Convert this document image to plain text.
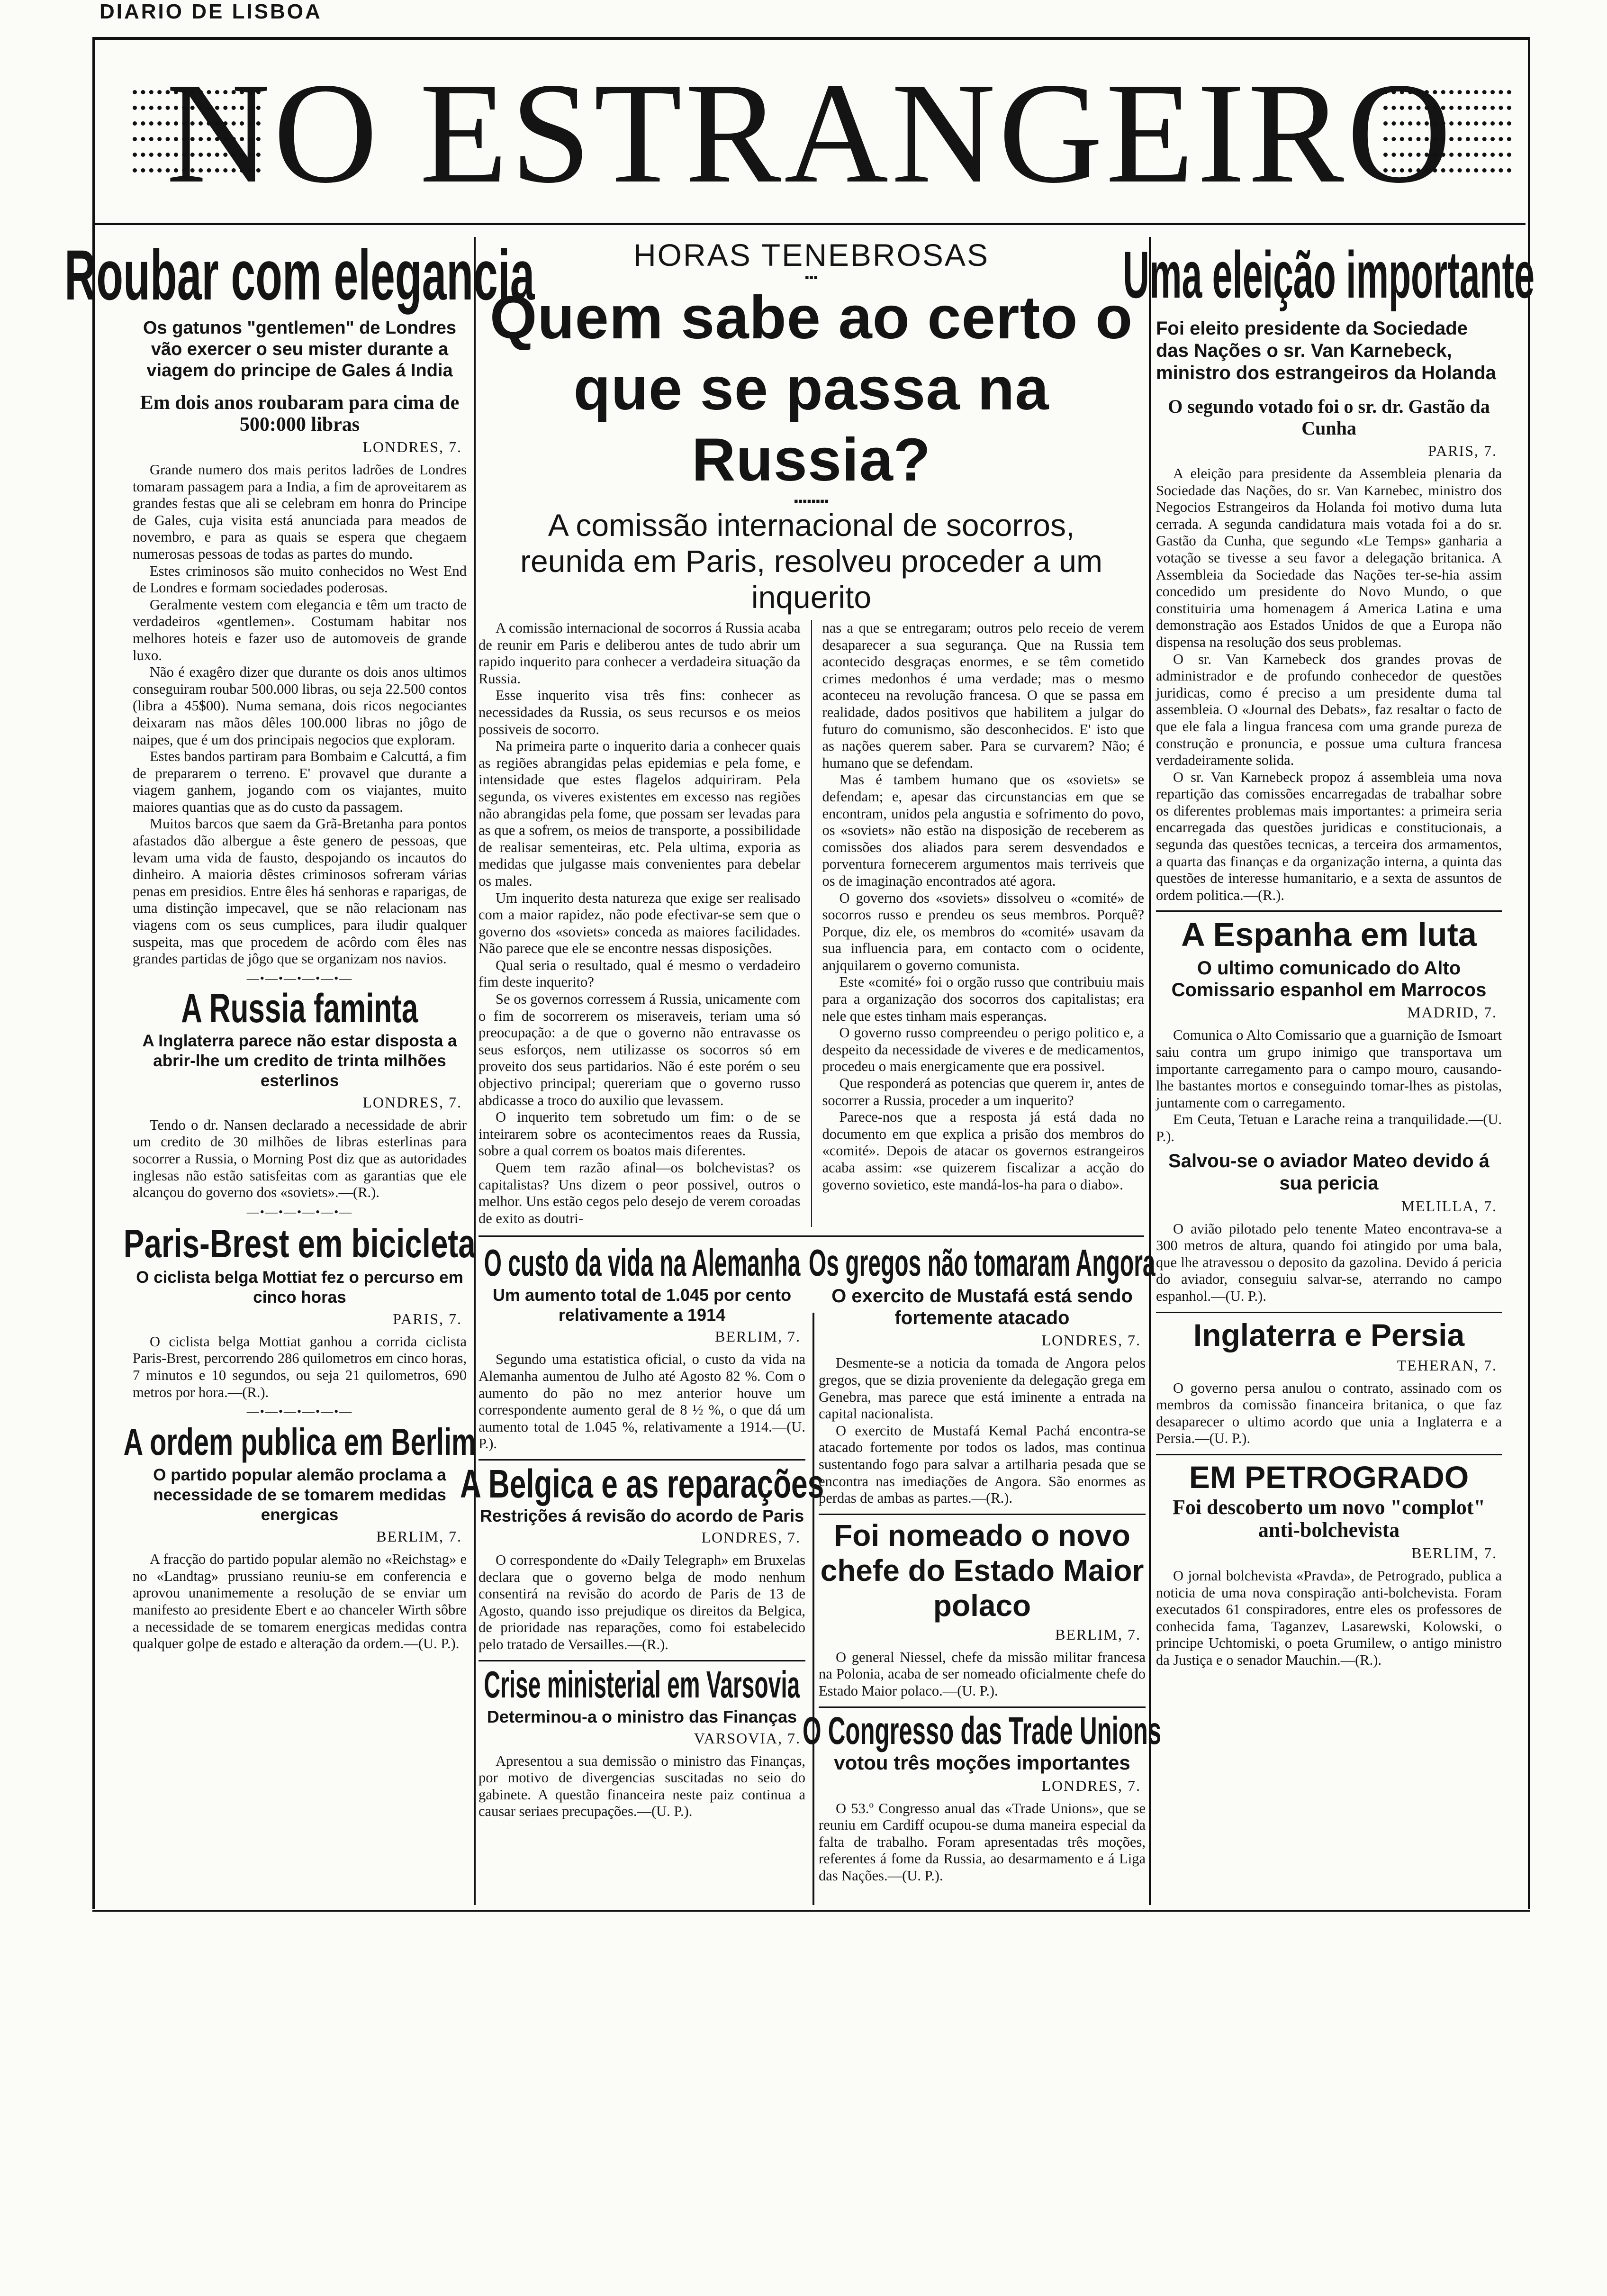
DIARIO DE LISBOA
NO ESTRANGEIRO
Roubar com elegancia
Os gatunos "gentlemen" de Londres vão exercer o seu mister durante a viagem do principe de Gales á India
Em dois anos roubaram para cima de 500:000 libras
LONDRES, 7.

Grande numero dos mais peritos ladrões de Londres tomaram passagem para a India, a fim de aproveitarem as grandes festas que ali se celebram em honra do Principe de Gales, cuja visita está anunciada para meados de novembro, e para as quais se espera que chegaem numerosas pessoas de todas as partes do mundo.

Estes criminosos são muito conhecidos no West End de Londres e formam sociedades poderosas.

Geralmente vestem com elegancia e têm um tracto de verdadeiros «gentlemen». Costumam habitar nos melhores hoteis e fazer uso de automoveis de grande luxo.

Não é exagêro dizer que durante os dois anos ultimos conseguiram roubar 500.000 libras, ou seja 22.500 contos (libra a 45$00). Numa semana, dois ricos negociantes deixaram nas mãos dêles 100.000 libras no jôgo de naipes, que é um dos principais negocios que exploram.

Estes bandos partiram para Bombaim e Calcuttá, a fim de prepararem o terreno. E' provavel que durante a viagem ganhem, jogando com os viajantes, muito maiores quantias que as do custo da passagem.

Muitos barcos que saem da Grã-Bretanha para pontos afastados dão albergue a êste genero de pessoas, que levam uma vida de fausto, despojando os incautos do dinheiro. A maioria dêstes criminosos sofreram várias penas em presidios. Entre êles há senhoras e raparigas, de uma distinção impecavel, que se não relacionam nas viagens com os seus cumplices, para iludir qualquer suspeita, mas que procedem de acôrdo com êles nas grandes partidas de jôgo que se organizam nos navios.

—•—•—•—•—•—
A Russia faminta
A Inglaterra parece não estar disposta a abrir-lhe um credito de trinta milhões esterlinos
LONDRES, 7.

Tendo o dr. Nansen declarado a necessidade de abrir um credito de 30 milhões de libras esterlinas para socorrer a Russia, o Morning Post diz que as autoridades inglesas não estão satisfeitas com as garantias que ele alcançou do governo dos «soviets».—(R.).

—•—•—•—•—•—
Paris-Brest em bicicleta
O ciclista belga Mottiat fez o percurso em cinco horas
PARIS, 7.

O ciclista belga Mottiat ganhou a corrida ciclista Paris-Brest, percorrendo 286 quilometros em cinco horas, 7 minutos e 10 segundos, ou seja 21 quilometros, 690 metros por hora.—(R.).

—•—•—•—•—•—
A ordem publica em Berlim
O partido popular alemão proclama a necessidade de se tomarem medidas energicas
BERLIM, 7.

A fracção do partido popular alemão no «Reichstag» e no «Landtag» prussiano reuniu-se em conferencia e aprovou unanimemente a resolução de se enviar um manifesto ao presidente Ebert e ao chanceler Wirth sôbre a necessidade de se tomarem energicas medidas contra qualquer golpe de estado e alteração da ordem.—(U. P.).

HORAS TENEBROSAS
▪▪▪
Quem sabe ao certo o
que se passa na Russia?
▪▪▪▪▪▪▪▪
A comissão internacional de socorros, reunida em Paris, resolveu proceder a um inquerito

A comissão internacional de socorros á Russia acaba de reunir em Paris e deliberou antes de tudo abrir um rapido inquerito para conhecer a verdadeira situação da Russia.

Esse inquerito visa três fins: conhecer as necessidades da Russia, os seus recursos e os meios possiveis de socorro.

Na primeira parte o inquerito daria a conhecer quais as regiões abrangidas pelas epidemias e pela fome, e intensidade que estes flagelos adquiriram. Pela segunda, os viveres existentes em excesso nas regiões não abrangidas pela fome, que possam ser levadas para as que a sofrem, os meios de transporte, a possibilidade de realisar sementeiras, etc. Pela ultima, exporia as medidas que julgasse mais convenientes para debelar os males.

Um inquerito desta natureza que exige ser realisado com a maior rapidez, não pode efectivar-se sem que o governo dos «soviets» conceda as maiores facilidades. Não parece que ele se encontre nessas disposições.

Qual seria o resultado, qual é mesmo o verdadeiro fim deste inquerito?

Se os governos corressem á Russia, unicamente com o fim de socorrerem os miseraveis, teriam uma só preocupação: a de que o governo não entravasse os seus esforços, nem utilizasse os socorros só em proveito dos seus partidarios. Não é este porém o seu objectivo principal; quereriam que o governo russo abdicasse a troco do auxilio que levassem.

O inquerito tem sobretudo um fim: o de se inteirarem sobre os acontecimentos reaes da Russia, sobre a qual correm os boatos mais diferentes.

Quem tem razão afinal—os bolchevistas? os capitalistas? Uns dizem o peor possivel, outros o melhor. Uns estão cegos pelo desejo de verem coroadas de exito as doutri-

nas a que se entregaram; outros pelo receio de verem desaparecer a sua segurança. Que na Russia tem acontecido desgraças enormes, e se têm cometido crimes medonhos é uma verdade; mas o mesmo aconteceu na revolução francesa. O que se passa em realidade, dados positivos que habilitem a julgar do futuro do comunismo, são desconhecidos. E' isto que as nações querem saber. Para se curvarem? Não; é humano que se defendam.

Mas é tambem humano que os «soviets» se defendam; e, apesar das circunstancias em que se encontram, unidos pela angustia e sofrimento do povo, os «soviets» não estão na disposição de receberem as comissões dos aliados para serem desvendados e porventura fornecerem argumentos mais terriveis que os de imaginação encontrados até agora.

O governo dos «soviets» dissolveu o «comité» de socorros russo e prendeu os seus membros. Porquê? Porque, diz ele, os membros do «comité» usavam da sua influencia para, em contacto com o ocidente, anjquilarem o governo comunista.

Este «comité» foi o orgão russo que contribuiu mais para a organização dos socorros dos capitalistas; era nele que estes tinham mais esperanças.

O governo russo compreendeu o perigo politico e, a despeito da necessidade de viveres e de medicamentos, procedeu o mais energicamente que era possivel.

Que responderá as potencias que querem ir, antes de socorrer a Russia, proceder a um inquerito?

Parece-nos que a resposta já está dada no documento em que explica a prisão dos membros do «comité». Depois de atacar os governos estrangeiros acaba assim: «se quizerem fiscalizar a acção do governo sovietico, este mandá-los-ha para o diabo».

O custo da vida na Alemanha
Um aumento total de 1.045 por cento relativamente a 1914
BERLIM, 7.

Segundo uma estatistica oficial, o custo da vida na Alemanha aumentou de Julho até Agosto 82 %. Com o aumento do pão no mez anterior houve um correspondente aumento geral de 8 ½ %, o que dá um aumento total de 1.045 %, relativamente a 1914.—(U. P.).

A Belgica e as reparações
Restrições á revisão do acordo de Paris
LONDRES, 7.

O correspondente do «Daily Telegraph» em Bruxelas declara que o governo belga de modo nenhum consentirá na revisão do acordo de Paris de 13 de Agosto, quando isso prejudique os direitos da Belgica, de prioridade nas reparações, como foi estabelecido pelo tratado de Versailles.—(R.).

Crise ministerial em Varsovia
Determinou-a o ministro das Finanças
VARSOVIA, 7.

Apresentou a sua demissão o ministro das Finanças, por motivo de divergencias suscitadas no seio do gabinete. A questão financeira neste paiz continua a causar seriaes precupações.—(U. P.).

Os gregos não tomaram Angora
O exercito de Mustafá está sendo fortemente atacado
LONDRES, 7.

Desmente-se a noticia da tomada de Angora pelos gregos, que se dizia proveniente da delegação grega em Genebra, mas parece que está iminente a entrada na capital nacionalista.

O exercito de Mustafá Kemal Pachá encontra-se atacado fortemente por todos os lados, mas continua sustentando fogo para salvar a artilharia pesada que se encontra nas imediações de Angora. São enormes as perdas de ambas as partes.—(R.).

Foi nomeado o novo chefe do Estado Maior polaco
BERLIM, 7.

O general Niessel, chefe da missão militar francesa na Polonia, acaba de ser nomeado oficialmente chefe do Estado Maior polaco.—(U. P.).

O Congresso das Trade Unions
votou três moções importantes
LONDRES, 7.

O 53.º Congresso anual das «Trade Unions», que se reuniu em Cardiff ocupou-se duma maneira especial da falta de trabalho. Foram apresentadas três moções, referentes á fome da Russia, ao desarmamento e á Liga das Nações.—(U. P.).

Uma eleição importante
Foi eleito presidente da Sociedade das Nações o sr. Van Karnebeck, ministro dos estrangeiros da Holanda
O segundo votado foi o sr. dr. Gastão da Cunha
PARIS, 7.

A eleição para presidente da Assembleia plenaria da Sociedade das Nações, do sr. Van Karnebec, ministro dos Negocios Estrangeiros da Holanda foi motivo duma luta cerrada. A segunda candidatura mais votada foi a do sr. Gastão da Cunha, que segundo «Le Temps» ganharia a votação se tivesse a seu favor a delegação britanica. A Assembleia da Sociedade das Nações ter-se-hia assim concedido um presidente do Novo Mundo, o que constituiria uma homenagem á America Latina e uma demonstração aos Estados Unidos de que a Europa não dispensa na resolução dos seus problemas.

O sr. Van Karnebeck dos grandes provas de administrador e de profundo conhecedor de questões juridicas, como é preciso a um presidente duma tal assembleia. O «Journal des Debats», faz resaltar o facto de que ele fala a lingua francesa com uma grande pureza de construção e pronuncia, e possue uma cultura francesa verdadeiramente solida.

O sr. Van Karnebeck propoz á assembleia uma nova repartição das comissões encarregadas de trabalhar sobre os diferentes problemas mais importantes: a primeira seria encarregada das questões juridicas e constitucionais, a segunda das questões tecnicas, a terceira dos armamentos, a quarta das finanças e da organização interna, a quinta das questões de interesse humanitario, e a sexta de assuntos de ordem politica.—(R.).

A Espanha em luta
O ultimo comunicado do Alto Comissario espanhol em Marrocos
MADRID, 7.

Comunica o Alto Comissario que a guarnição de Ismoart saiu contra um grupo inimigo que transportava um importante carregamento para o campo mouro, causando-lhe bastantes mortos e conseguindo tomar-lhes as pistolas, juntamente com o carregamento.

Em Ceuta, Tetuan e Larache reina a tranquilidade.—(U. P.).

Salvou-se o aviador Mateo devido á sua pericia
MELILLA, 7.

O avião pilotado pelo tenente Mateo encontrava-se a 300 metros de altura, quando foi atingido por uma bala, que lhe atravessou o deposito da gazolina. Devido á pericia do aviador, conseguiu salvar-se, aterrando no campo espanhol.—(U. P.).

Inglaterra e Persia
TEHERAN, 7.

O governo persa anulou o contrato, assinado com os membros da comissão financeira britanica, o que faz desaparecer o ultimo acordo que unia a Inglaterra e a Persia.—(U. P.).

EM PETROGRADO
Foi descoberto um novo "complot" anti-bolchevista
BERLIM, 7.

O jornal bolchevista «Pravda», de Petrogrado, publica a noticia de uma nova conspiração anti-bolchevista. Foram executados 61 conspiradores, entre eles os professores de conhecida fama, Taganzev, Lasarewski, Kolowski, o principe Uchtomiski, o poeta Grumilew, o antigo ministro da Justiça e o senador Mauchin.—(R.).
